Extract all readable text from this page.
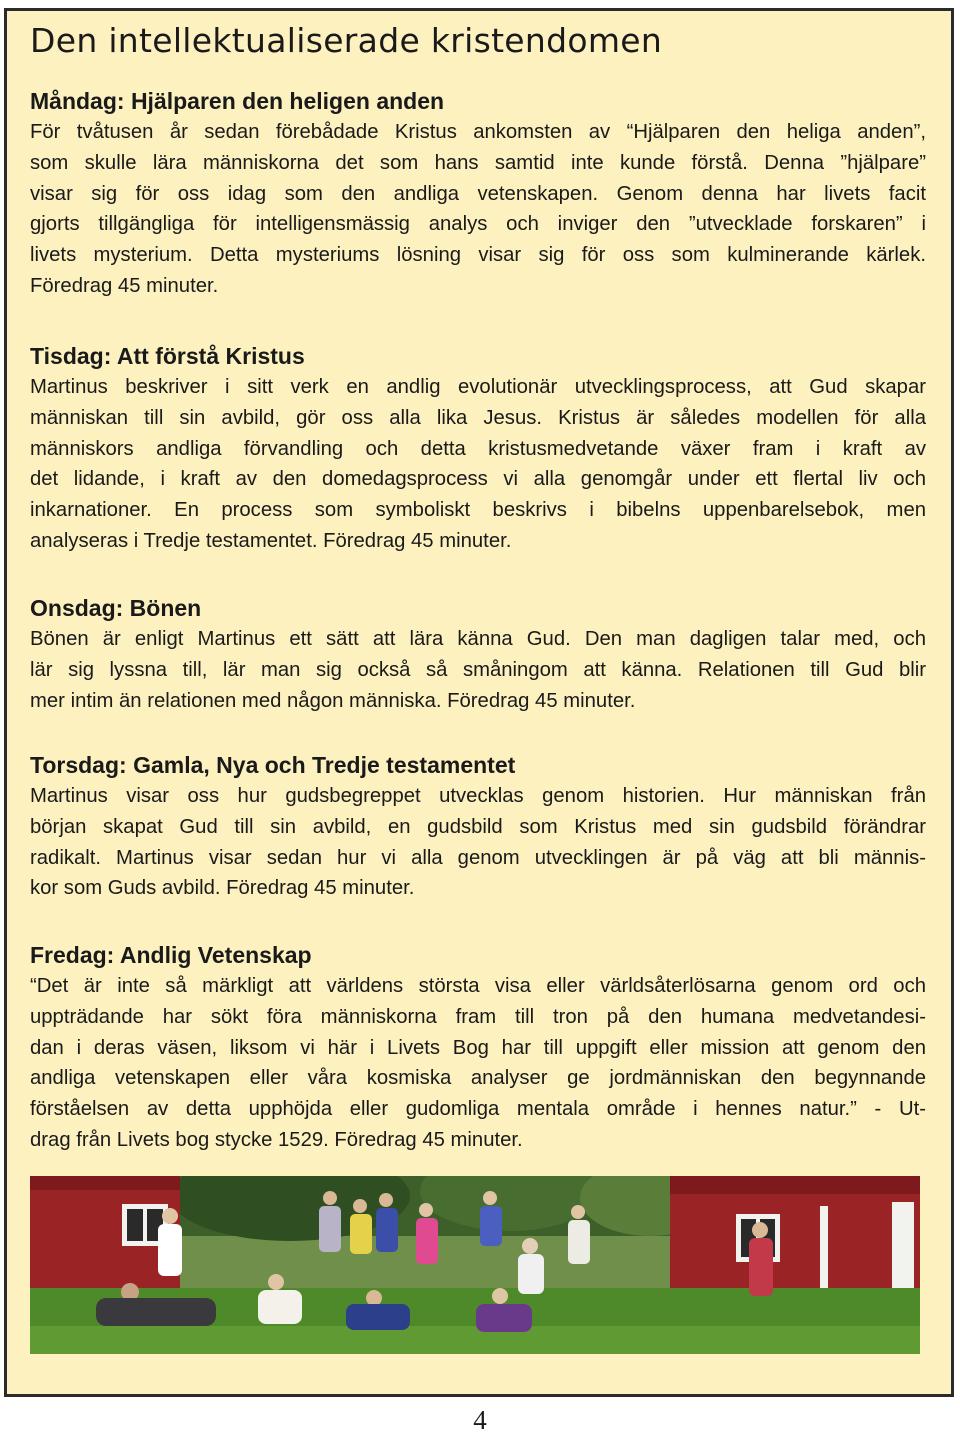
Den intellektualiserade kristendomen
Måndag: Hjälparen den heligen anden

För tvåtusen år sedan förebådade Kristus ankomsten av “Hjälparen den heliga anden”,
som skulle lära människorna det som hans samtid inte kunde förstå. Denna ”hjälpare”
visar sig för oss idag som den andliga vetenskapen. Genom denna har livets facit
gjorts tillgängliga för intelligensmässig analys och inviger den ”utvecklade forskaren” i
livets mysterium. Detta mysteriums lösning visar sig för oss som kulminerande kärlek.
Föredrag 45 minuter.

Tisdag: Att förstå Kristus

Martinus beskriver i sitt verk en andlig evolutionär utvecklingsprocess, att Gud skapar
människan till sin avbild, gör oss alla lika Jesus. Kristus är således modellen för alla
människors andliga förvandling och detta kristusmedvetande växer fram i kraft av
det lidande, i kraft av den domedagsprocess vi alla genomgår under ett flertal liv och
inkarnationer. En process som symboliskt beskrivs i bibelns uppenbarelsebok, men
analyseras i Tredje testamentet. Föredrag 45 minuter.

Onsdag: Bönen

Bönen är enligt Martinus ett sätt att lära känna Gud. Den man dagligen talar med, och
lär sig lyssna till, lär man sig också så småningom att känna. Relationen till Gud blir
mer intim än relationen med någon människa. Föredrag 45 minuter.

Torsdag: Gamla, Nya och Tredje testamentet

Martinus visar oss hur gudsbegreppet utvecklas genom historien. Hur människan från
början skapat Gud till sin avbild, en gudsbild som Kristus med sin gudsbild förändrar
radikalt. Martinus visar sedan hur vi alla genom utvecklingen är på väg att bli männis-
kor som Guds avbild. Föredrag 45 minuter.

Fredag: Andlig Vetenskap

“Det är inte så märkligt att världens största visa eller världsåterlösarna genom ord och
uppträdande har sökt föra människorna fram till tron på den humana medvetandesi-
dan i deras väsen, liksom vi här i Livets Bog har till uppgift eller mission att genom den
andliga vetenskapen eller våra kosmiska analyser ge jordmänniskan den begynnande
förståelsen av detta upphöjda eller gudomliga mentala område i hennes natur.” - Ut-
drag från Livets bog stycke 1529. Föredrag 45 minuter.

4
